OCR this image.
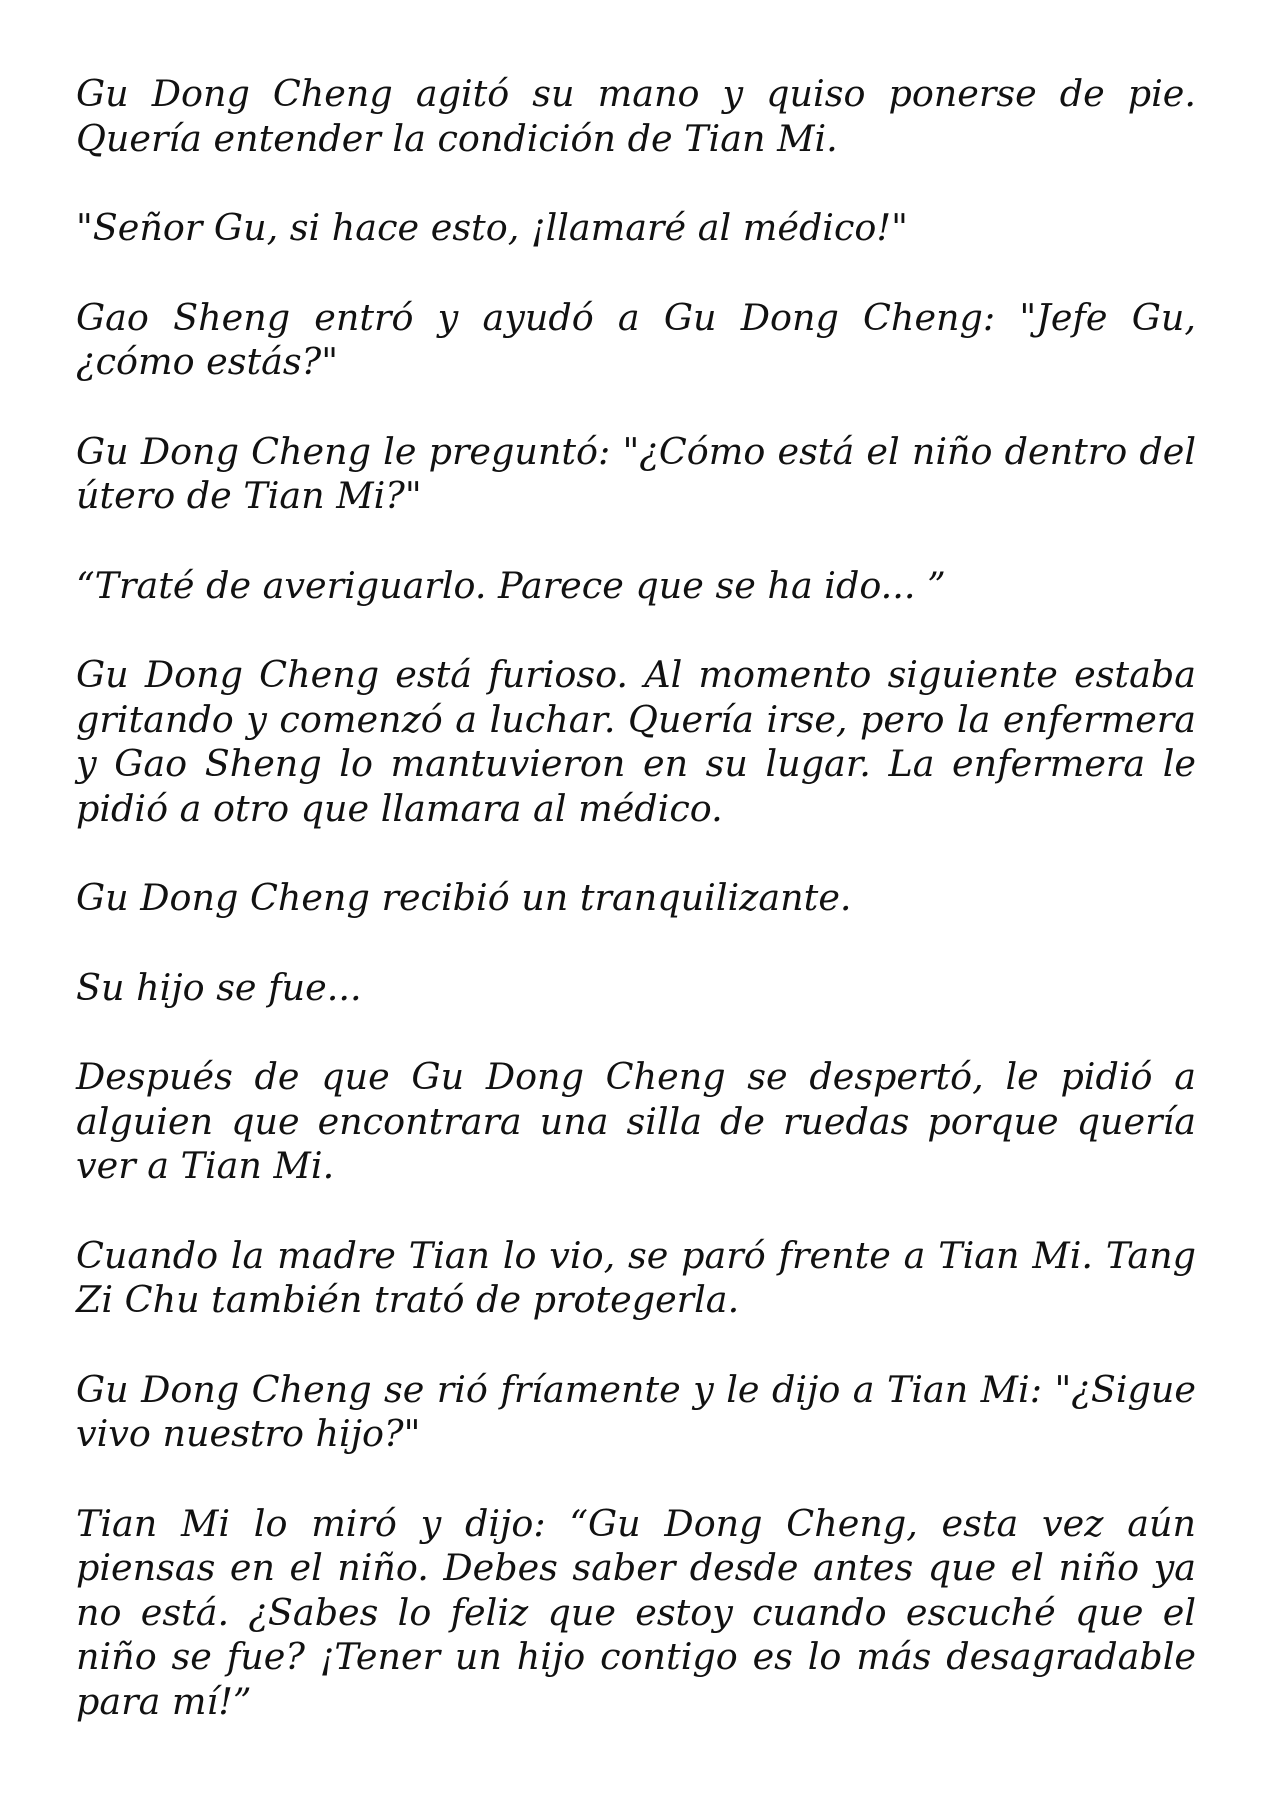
Gu Dong Cheng agitó su mano y quiso ponerse de pie. Quería entender la condición de Tian Mi.

"Señor Gu, si hace esto, ¡llamaré al médico!"

Gao Sheng entró y ayudó a Gu Dong Cheng: "Jefe Gu, ¿cómo estás?"

Gu Dong Cheng le preguntó: "¿Cómo está el niño dentro del útero de Tian Mi?"

“Traté de averiguarlo. Parece que se ha ido... ”

Gu Dong Cheng está furioso. Al momento siguiente estaba gritando y comenzó a luchar. Quería irse, pero la enfermera y Gao Sheng lo mantuvieron en su lugar. La enfermera le pidió a otro que llamara al médico.

Gu Dong Cheng recibió un tranquilizante.

Su hijo se fue...

Después de que Gu Dong Cheng se despertó, le pidió a alguien que encontrara una silla de ruedas porque quería ver a Tian Mi.

Cuando la madre Tian lo vio, se paró frente a Tian Mi. Tang Zi Chu también trató de protegerla.

Gu Dong Cheng se rió fríamente y le dijo a Tian Mi: "¿Sigue vivo nuestro hijo?"

Tian Mi lo miró y dijo: “Gu Dong Cheng, esta vez aún piensas en el niño. Debes saber desde antes que el niño ya no está. ¿Sabes lo feliz que estoy cuando escuché que el niño se fue? ¡Tener un hijo contigo es lo más desagradable para mí!”
